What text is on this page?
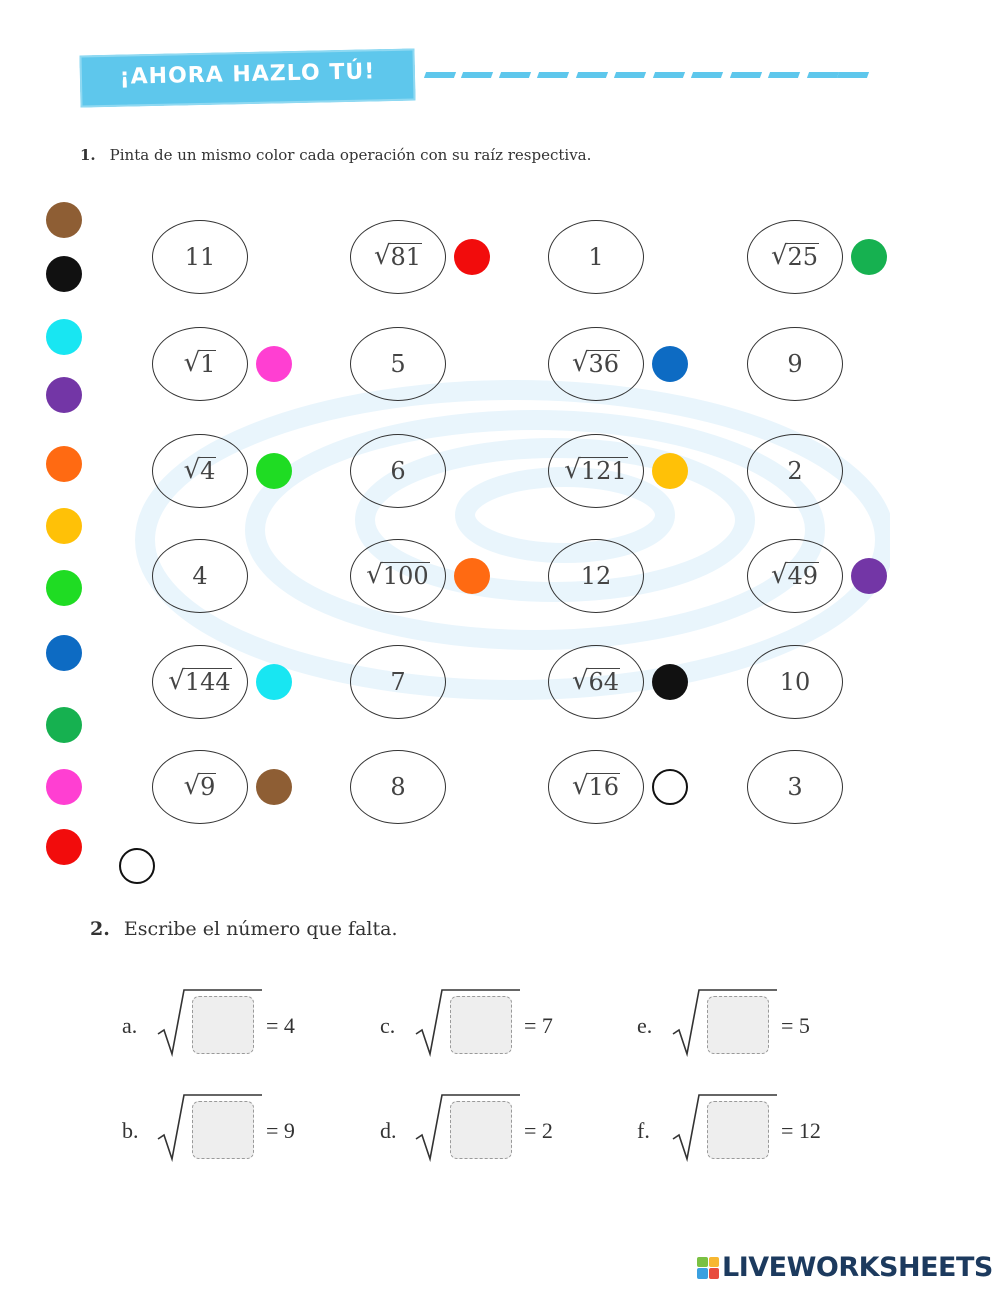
¡AHORA HAZLO TÚ!
1. Pinta de un mismo color cada operación con su raíz respectiva.
11	√ 81	1	√ 25
√ 1	5	√ 36	9
√ 4	6	√ 121	2
4	√ 100	12	√ 49
√ 144	7	√ 64	10
√ 9	8	√ 16	3
2. Escribe el número que falta.
a.	= 4	c.	= 7	e.	= 5
b.	= 9	d.	= 2	f.	= 12
LIVEWORKSHEETS
